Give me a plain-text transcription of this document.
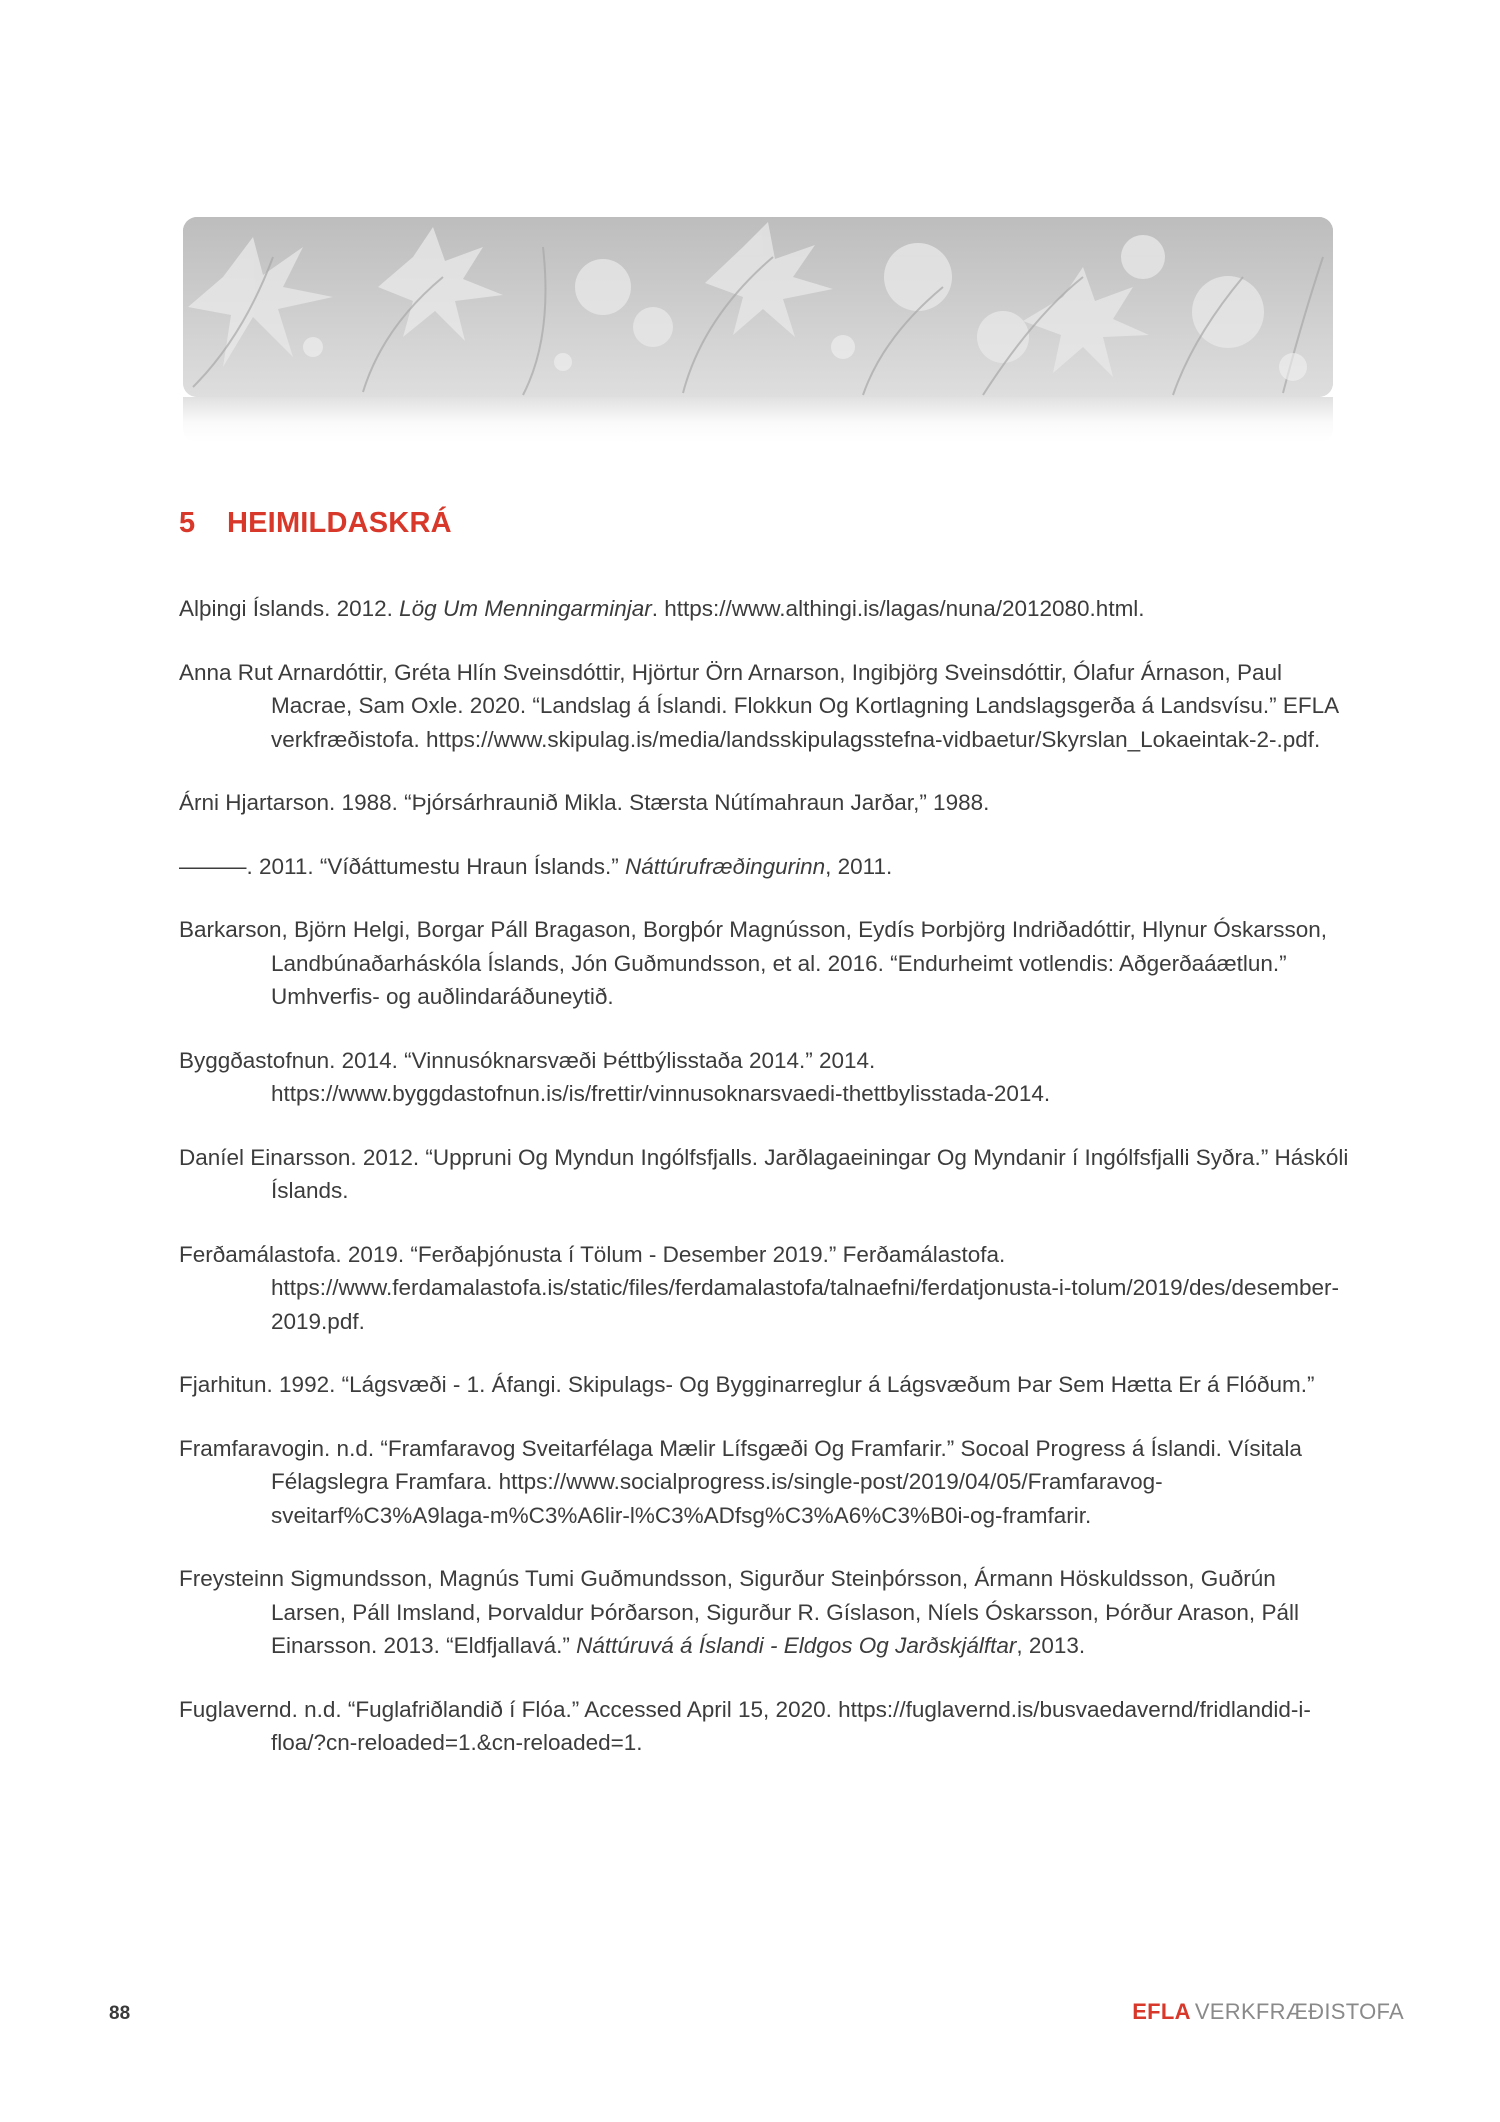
5 HEIMILDASKRÁ

Alþingi Íslands. 2012. Lög Um Menningarminjar. https://www.althingi.is/lagas/nuna/2012080.html.

Anna Rut Arnardóttir, Gréta Hlín Sveinsdóttir, Hjörtur Örn Arnarson, Ingibjörg Sveinsdóttir, Ólafur Árnason, Paul Macrae, Sam Oxle. 2020. “Landslag á Íslandi. Flokkun Og Kortlagning Landslagsgerða á Landsvísu.” EFLA verkfræðistofa. https://www.skipulag.is/media/landsskipulagsstefna-vidbaetur/Skyrslan_Lokaeintak-2-.pdf.

Árni Hjartarson. 1988. “Þjórsárhraunið Mikla. Stærsta Nútímahraun Jarðar,” 1988.

———. 2011. “Víðáttumestu Hraun Íslands.” Náttúrufræðingurinn, 2011.

Barkarson, Björn Helgi, Borgar Páll Bragason, Borgþór Magnússon, Eydís Þorbjörg Indriðadóttir, Hlynur Óskarsson, Landbúnaðarháskóla Íslands, Jón Guðmundsson, et al. 2016. “Endurheimt votlendis: Aðgerðaáætlun.” Umhverfis- og auðlindaráðuneytið.

Byggðastofnun. 2014. “Vinnusóknarsvæði Þéttbýlisstaða 2014.” 2014. https://www.byggdastofnun.is/is/frettir/vinnusoknarsvaedi-thettbylisstada-2014.

Daníel Einarsson. 2012. “Uppruni Og Myndun Ingólfsfjalls. Jarðlagaeiningar Og Myndanir í Ingólfsfjalli Syðra.” Háskóli Íslands.

Ferðamálastofa. 2019. “Ferðaþjónusta í Tölum - Desember 2019.” Ferðamálastofa. https://www.ferdamalastofa.is/static/files/ferdamalastofa/talnaefni/ferdatjonusta-i-tolum/2019/des/desember-2019.pdf.

Fjarhitun. 1992. “Lágsvæði - 1. Áfangi. Skipulags- Og Bygginarreglur á Lágsvæðum Þar Sem Hætta Er á Flóðum.”

Framfaravogin. n.d. “Framfaravog Sveitarfélaga Mælir Lífsgæði Og Framfarir.” Socoal Progress á Íslandi. Vísitala Félagslegra Framfara. https://www.socialprogress.is/single-post/2019/04/05/Framfaravog-sveitarf%C3%A9laga-m%C3%A6lir-l%C3%ADfsg%C3%A6%C3%B0i-og-framfarir.

Freysteinn Sigmundsson, Magnús Tumi Guðmundsson, Sigurður Steinþórsson, Ármann Höskuldsson, Guðrún Larsen, Páll Imsland, Þorvaldur Þórðarson, Sigurður R. Gíslason, Níels Óskarsson, Þórður Arason, Páll Einarsson. 2013. “Eldfjallavá.” Náttúruvá á Íslandi - Eldgos Og Jarðskjálftar, 2013.

Fuglavernd. n.d. “Fuglafriðlandið í Flóa.” Accessed April 15, 2020. https://fuglavernd.is/busvaedavernd/fridlandid-i-floa/?cn-reloaded=1.&cn-reloaded=1.

88	EFLA VERKFRÆÐISTOFA
